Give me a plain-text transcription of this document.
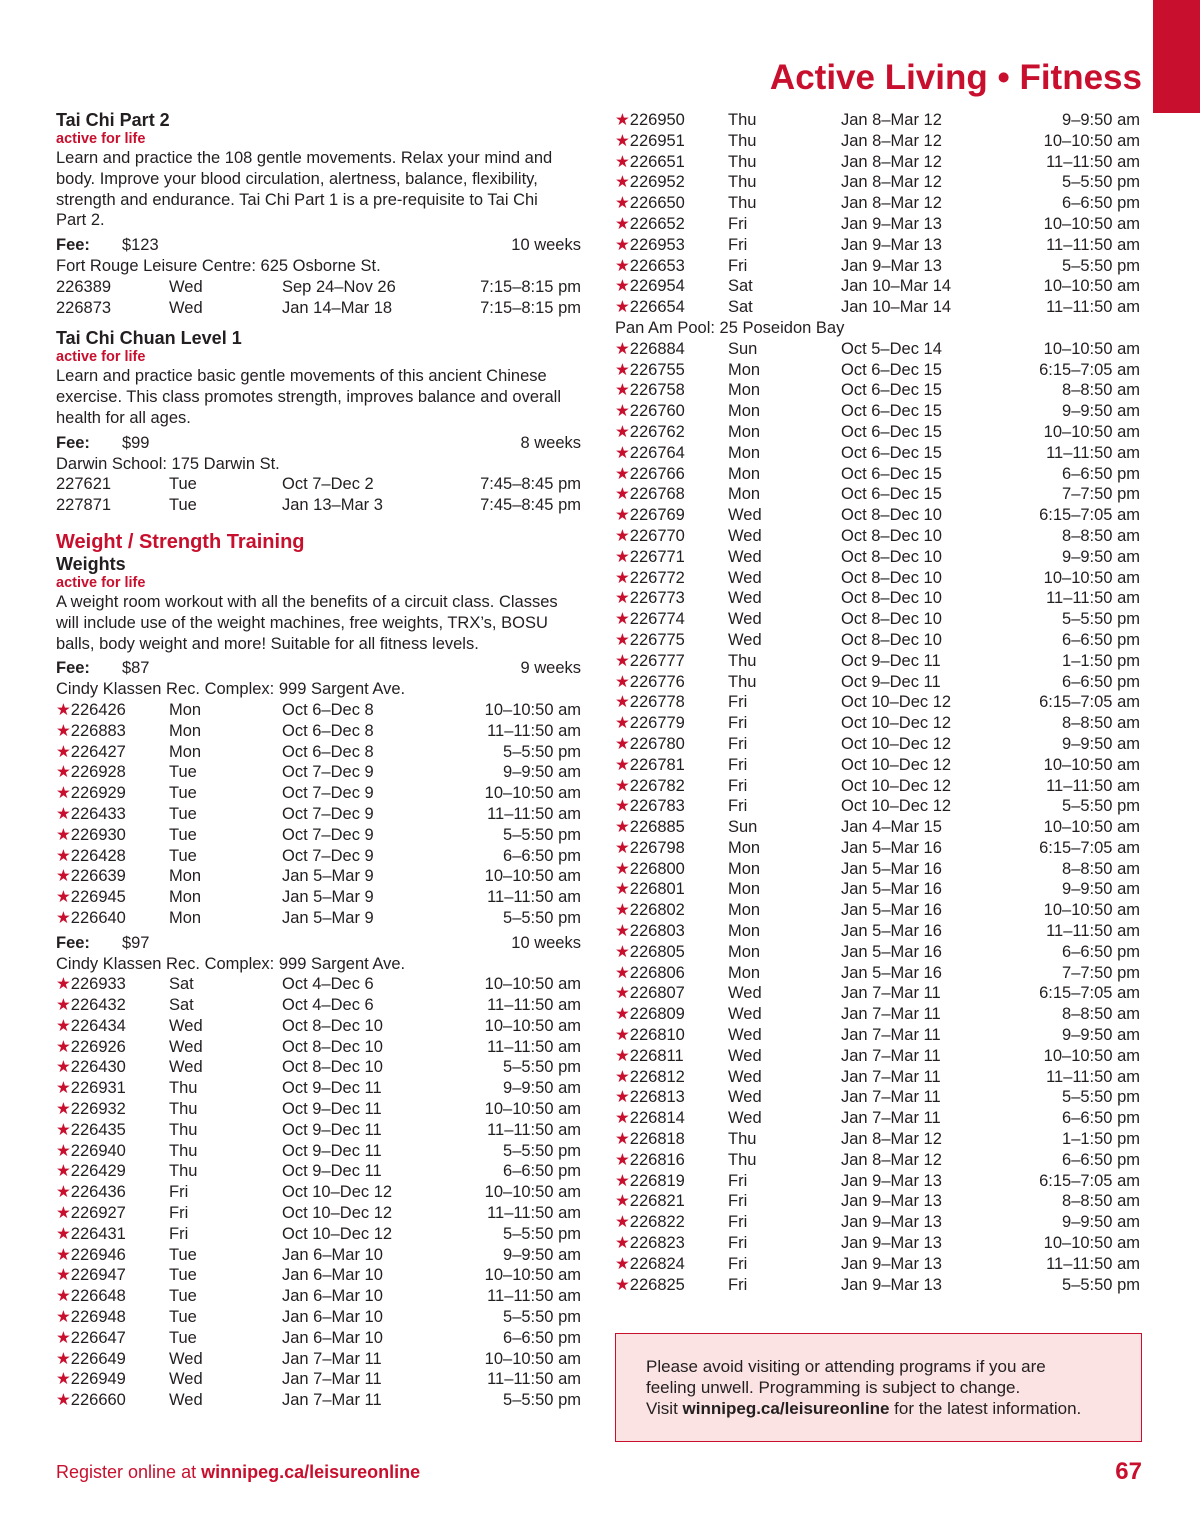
Active Living • Fitness
Tai Chi Part 2
active for life
Learn and practice the 108 gentle movements. Relax your mind and
body. Improve your blood circulation, alertness, balance, flexibility,
strength and endurance. Tai Chi Part 1 is a pre-requisite to Tai Chi
Part 2.
Fee: $123	10 weeks
Fort Rouge Leisure Centre: 625 Osborne St.
226389	Wed	Sep 24–Nov 26	7:15–8:15 pm
226873	Wed	Jan 14–Mar 18	7:15–8:15 pm
Tai Chi Chuan Level 1
active for life
Learn and practice basic gentle movements of this ancient Chinese
exercise. This class promotes strength, improves balance and overall
health for all ages.
Fee: $99	8 weeks
Darwin School: 175 Darwin St.
227621	Tue	Oct 7–Dec 2	7:45–8:45 pm
227871	Tue	Jan 13–Mar 3	7:45–8:45 pm
Weight / Strength Training
Weights
active for life
A weight room workout with all the benefits of a circuit class. Classes
will include use of the weight machines, free weights, TRX’s, BOSU
balls, body weight and more! Suitable for all fitness levels.
Fee: $87	9 weeks
Cindy Klassen Rec. Complex: 999 Sargent Ave.
★226426	Mon	Oct 6–Dec 8	10–10:50 am
★226883	Mon	Oct 6–Dec 8	11–11:50 am
★226427	Mon	Oct 6–Dec 8	5–5:50 pm
★226928	Tue	Oct 7–Dec 9	9–9:50 am
★226929	Tue	Oct 7–Dec 9	10–10:50 am
★226433	Tue	Oct 7–Dec 9	11–11:50 am
★226930	Tue	Oct 7–Dec 9	5–5:50 pm
★226428	Tue	Oct 7–Dec 9	6–6:50 pm
★226639	Mon	Jan 5–Mar 9	10–10:50 am
★226945	Mon	Jan 5–Mar 9	11–11:50 am
★226640	Mon	Jan 5–Mar 9	5–5:50 pm
Fee: $97	10 weeks
Cindy Klassen Rec. Complex: 999 Sargent Ave.
★226933	Sat	Oct 4–Dec 6	10–10:50 am
★226432	Sat	Oct 4–Dec 6	11–11:50 am
★226434	Wed	Oct 8–Dec 10	10–10:50 am
★226926	Wed	Oct 8–Dec 10	11–11:50 am
★226430	Wed	Oct 8–Dec 10	5–5:50 pm
★226931	Thu	Oct 9–Dec 11	9–9:50 am
★226932	Thu	Oct 9–Dec 11	10–10:50 am
★226435	Thu	Oct 9–Dec 11	11–11:50 am
★226940	Thu	Oct 9–Dec 11	5–5:50 pm
★226429	Thu	Oct 9–Dec 11	6–6:50 pm
★226436	Fri	Oct 10–Dec 12	10–10:50 am
★226927	Fri	Oct 10–Dec 12	11–11:50 am
★226431	Fri	Oct 10–Dec 12	5–5:50 pm
★226946	Tue	Jan 6–Mar 10	9–9:50 am
★226947	Tue	Jan 6–Mar 10	10–10:50 am
★226648	Tue	Jan 6–Mar 10	11–11:50 am
★226948	Tue	Jan 6–Mar 10	5–5:50 pm
★226647	Tue	Jan 6–Mar 10	6–6:50 pm
★226649	Wed	Jan 7–Mar 11	10–10:50 am
★226949	Wed	Jan 7–Mar 11	11–11:50 am
★226660	Wed	Jan 7–Mar 11	5–5:50 pm
★226950	Thu	Jan 8–Mar 12	9–9:50 am
★226951	Thu	Jan 8–Mar 12	10–10:50 am
★226651	Thu	Jan 8–Mar 12	11–11:50 am
★226952	Thu	Jan 8–Mar 12	5–5:50 pm
★226650	Thu	Jan 8–Mar 12	6–6:50 pm
★226652	Fri	Jan 9–Mar 13	10–10:50 am
★226953	Fri	Jan 9–Mar 13	11–11:50 am
★226653	Fri	Jan 9–Mar 13	5–5:50 pm
★226954	Sat	Jan 10–Mar 14	10–10:50 am
★226654	Sat	Jan 10–Mar 14	11–11:50 am
Pan Am Pool: 25 Poseidon Bay
★226884	Sun	Oct 5–Dec 14	10–10:50 am
★226755	Mon	Oct 6–Dec 15	6:15–7:05 am
★226758	Mon	Oct 6–Dec 15	8–8:50 am
★226760	Mon	Oct 6–Dec 15	9–9:50 am
★226762	Mon	Oct 6–Dec 15	10–10:50 am
★226764	Mon	Oct 6–Dec 15	11–11:50 am
★226766	Mon	Oct 6–Dec 15	6–6:50 pm
★226768	Mon	Oct 6–Dec 15	7–7:50 pm
★226769	Wed	Oct 8–Dec 10	6:15–7:05 am
★226770	Wed	Oct 8–Dec 10	8–8:50 am
★226771	Wed	Oct 8–Dec 10	9–9:50 am
★226772	Wed	Oct 8–Dec 10	10–10:50 am
★226773	Wed	Oct 8–Dec 10	11–11:50 am
★226774	Wed	Oct 8–Dec 10	5–5:50 pm
★226775	Wed	Oct 8–Dec 10	6–6:50 pm
★226777	Thu	Oct 9–Dec 11	1–1:50 pm
★226776	Thu	Oct 9–Dec 11	6–6:50 pm
★226778	Fri	Oct 10–Dec 12	6:15–7:05 am
★226779	Fri	Oct 10–Dec 12	8–8:50 am
★226780	Fri	Oct 10–Dec 12	9–9:50 am
★226781	Fri	Oct 10–Dec 12	10–10:50 am
★226782	Fri	Oct 10–Dec 12	11–11:50 am
★226783	Fri	Oct 10–Dec 12	5–5:50 pm
★226885	Sun	Jan 4–Mar 15	10–10:50 am
★226798	Mon	Jan 5–Mar 16	6:15–7:05 am
★226800	Mon	Jan 5–Mar 16	8–8:50 am
★226801	Mon	Jan 5–Mar 16	9–9:50 am
★226802	Mon	Jan 5–Mar 16	10–10:50 am
★226803	Mon	Jan 5–Mar 16	11–11:50 am
★226805	Mon	Jan 5–Mar 16	6–6:50 pm
★226806	Mon	Jan 5–Mar 16	7–7:50 pm
★226807	Wed	Jan 7–Mar 11	6:15–7:05 am
★226809	Wed	Jan 7–Mar 11	8–8:50 am
★226810	Wed	Jan 7–Mar 11	9–9:50 am
★226811	Wed	Jan 7–Mar 11	10–10:50 am
★226812	Wed	Jan 7–Mar 11	11–11:50 am
★226813	Wed	Jan 7–Mar 11	5–5:50 pm
★226814	Wed	Jan 7–Mar 11	6–6:50 pm
★226818	Thu	Jan 8–Mar 12	1–1:50 pm
★226816	Thu	Jan 8–Mar 12	6–6:50 pm
★226819	Fri	Jan 9–Mar 13	6:15–7:05 am
★226821	Fri	Jan 9–Mar 13	8–8:50 am
★226822	Fri	Jan 9–Mar 13	9–9:50 am
★226823	Fri	Jan 9–Mar 13	10–10:50 am
★226824	Fri	Jan 9–Mar 13	11–11:50 am
★226825	Fri	Jan 9–Mar 13	5–5:50 pm
Please avoid visiting or attending programs if you are
feeling unwell. Programming is subject to change.
Visit winnipeg.ca/leisureonline for the latest information.
Register online at winnipeg.ca/leisureonline	67
